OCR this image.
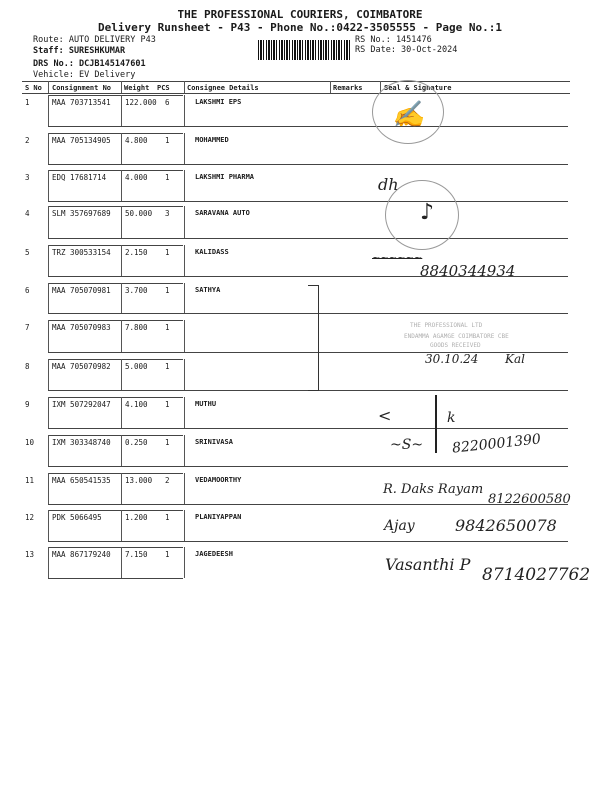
THE PROFESSIONAL COURIERS, COIMBATORE
Delivery Runsheet - P43 - Phone No.:0422-3505555 - Page No.:1
Route: AUTO DELIVERY P43
Staff: SURESHKUMAR
DRS No.: DCJB145147601
Vehicle: EV Delivery
RS No.: 1451476
RS Date: 30-Oct-2024
S No Consignment No Weight PCS Consignee Details	Remarks	Seal & Signature
1	MAA 703713541 122.000 6	LAKSHMI EPS
2	MAA 705134905 4.800 1	MOHAMMED
3	EDQ 17681714	4.000 1	LAKSHMI PHARMA
4	SLM 357697689 50.000 3	SARAVANA AUTO
5	TRZ 300533154 2.150 1	KALIDASS
6	MAA 705070981 3.700 1	SATHYA
7	MAA 705070983 7.800 1
8	MAA 705070982 5.000 1
9	IXM 507292047 4.100 1	MUTHU
10 IXM 303348740 0.250 1	SRINIVASA
11 MAA 650541535 13.000 2	VEDAMOORTHY
12 PDK 5066495	1.200 1	PLANIYAPPAN
13 MAA 867179240 7.150 1	JAGEDEESH
✍
dh
♪
~~~~~~
8840344934
THE PROFESSIONAL LTD
ENDAMMA AGAMGE COIMBATORE CBE
GOODS RECEIVED
30.10.24 Kal
<	k
~S~ 8220001390
R. Daks Rayam
8122600580
Ajay	9842650078
Vasanthi P
8714027762
